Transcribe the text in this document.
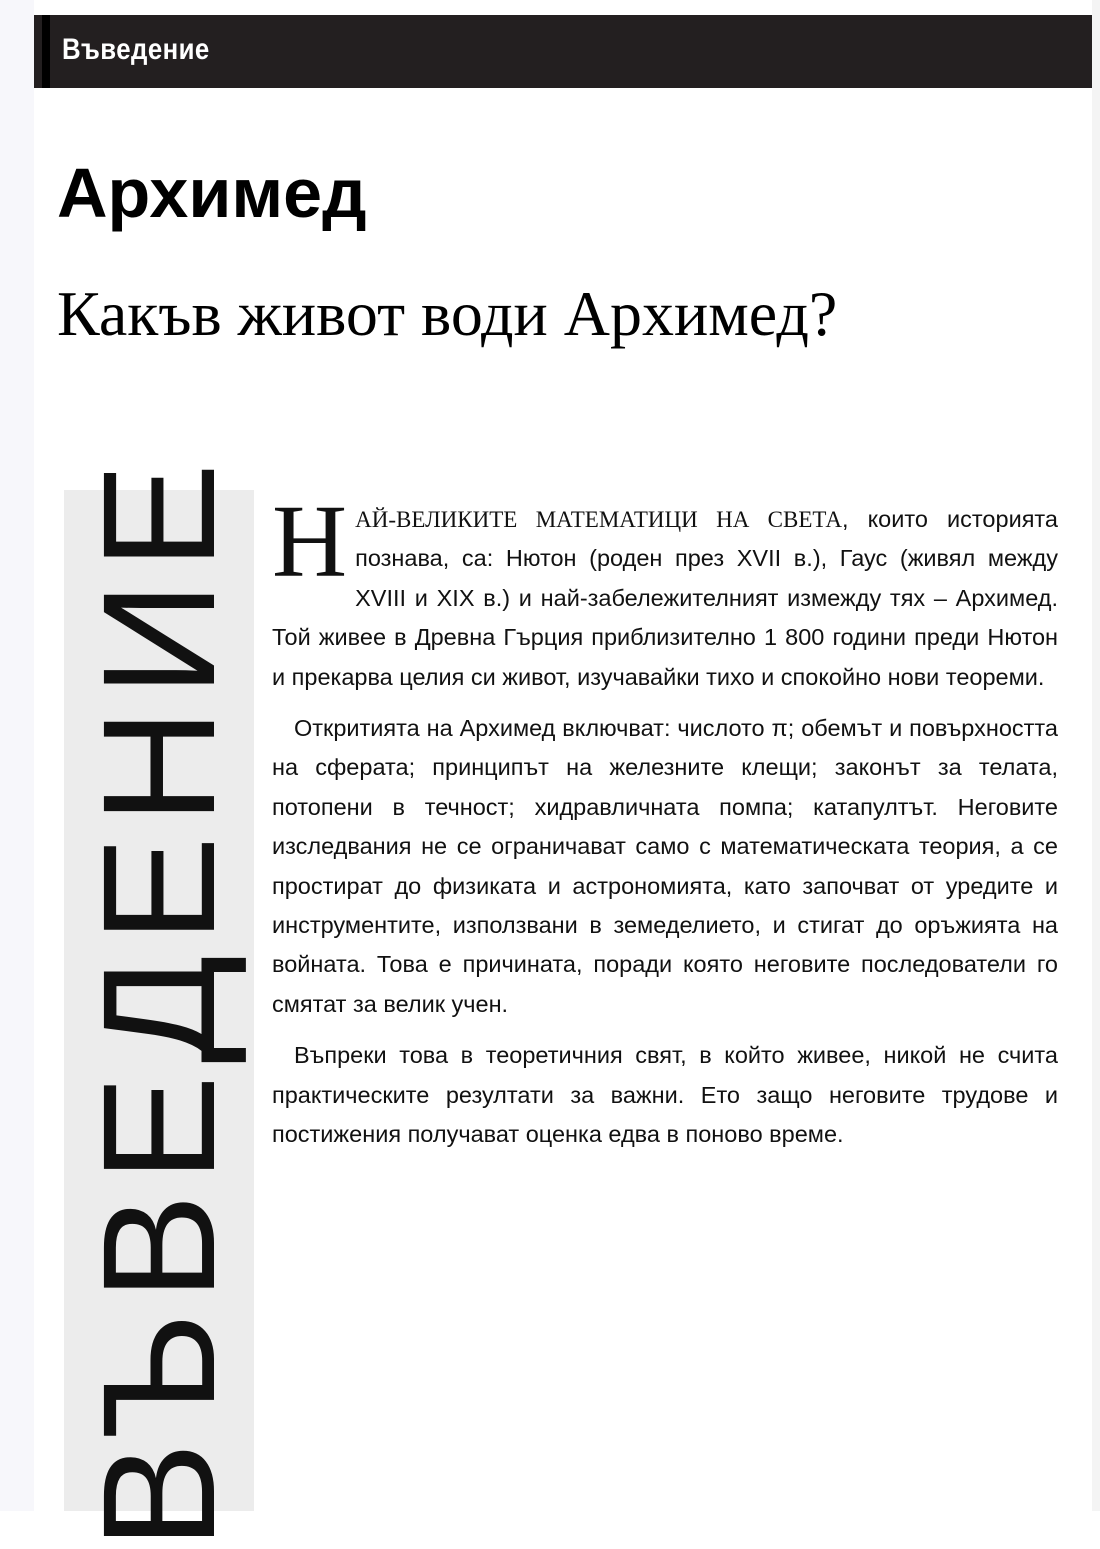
Въведение
Архимед
Какъв живот води Архимед?
ВЪВЕДЕНИЕ НАЙ-ВЕЛИКИТЕ МАТЕМАТИЦИ НА СВЕТА, които историята познава, са: Нютон (роден през XVII в.), Гаус (живял между XVIII и XIX в.) и най-забележителният измежду тях – Архимед. Той живее в Древна Гърция приблизително 1 800 години преди Нютон и прекарва целия си живот, изучавайки тихо и спокойно нови теореми.

Откритията на Архимед включват: числото π; обемът и повърхността на сферата; принципът на железните клещи; законът за телата, потопени в течност; хидравличната помпа; катапултът. Неговите изследвания не се ограничават само с математическата теория, а се простират до физиката и астрономията, като започват от уредите и инструментите, използвани в земеделието, и стигат до оръжията на войната. Това е причината, поради която неговите последователи го смятат за велик учен.

Въпреки това в теоретичния свят, в който живее, никой не счита практическите резултати за важни. Ето защо неговите трудове и постижения получават оценка едва в поново време.
